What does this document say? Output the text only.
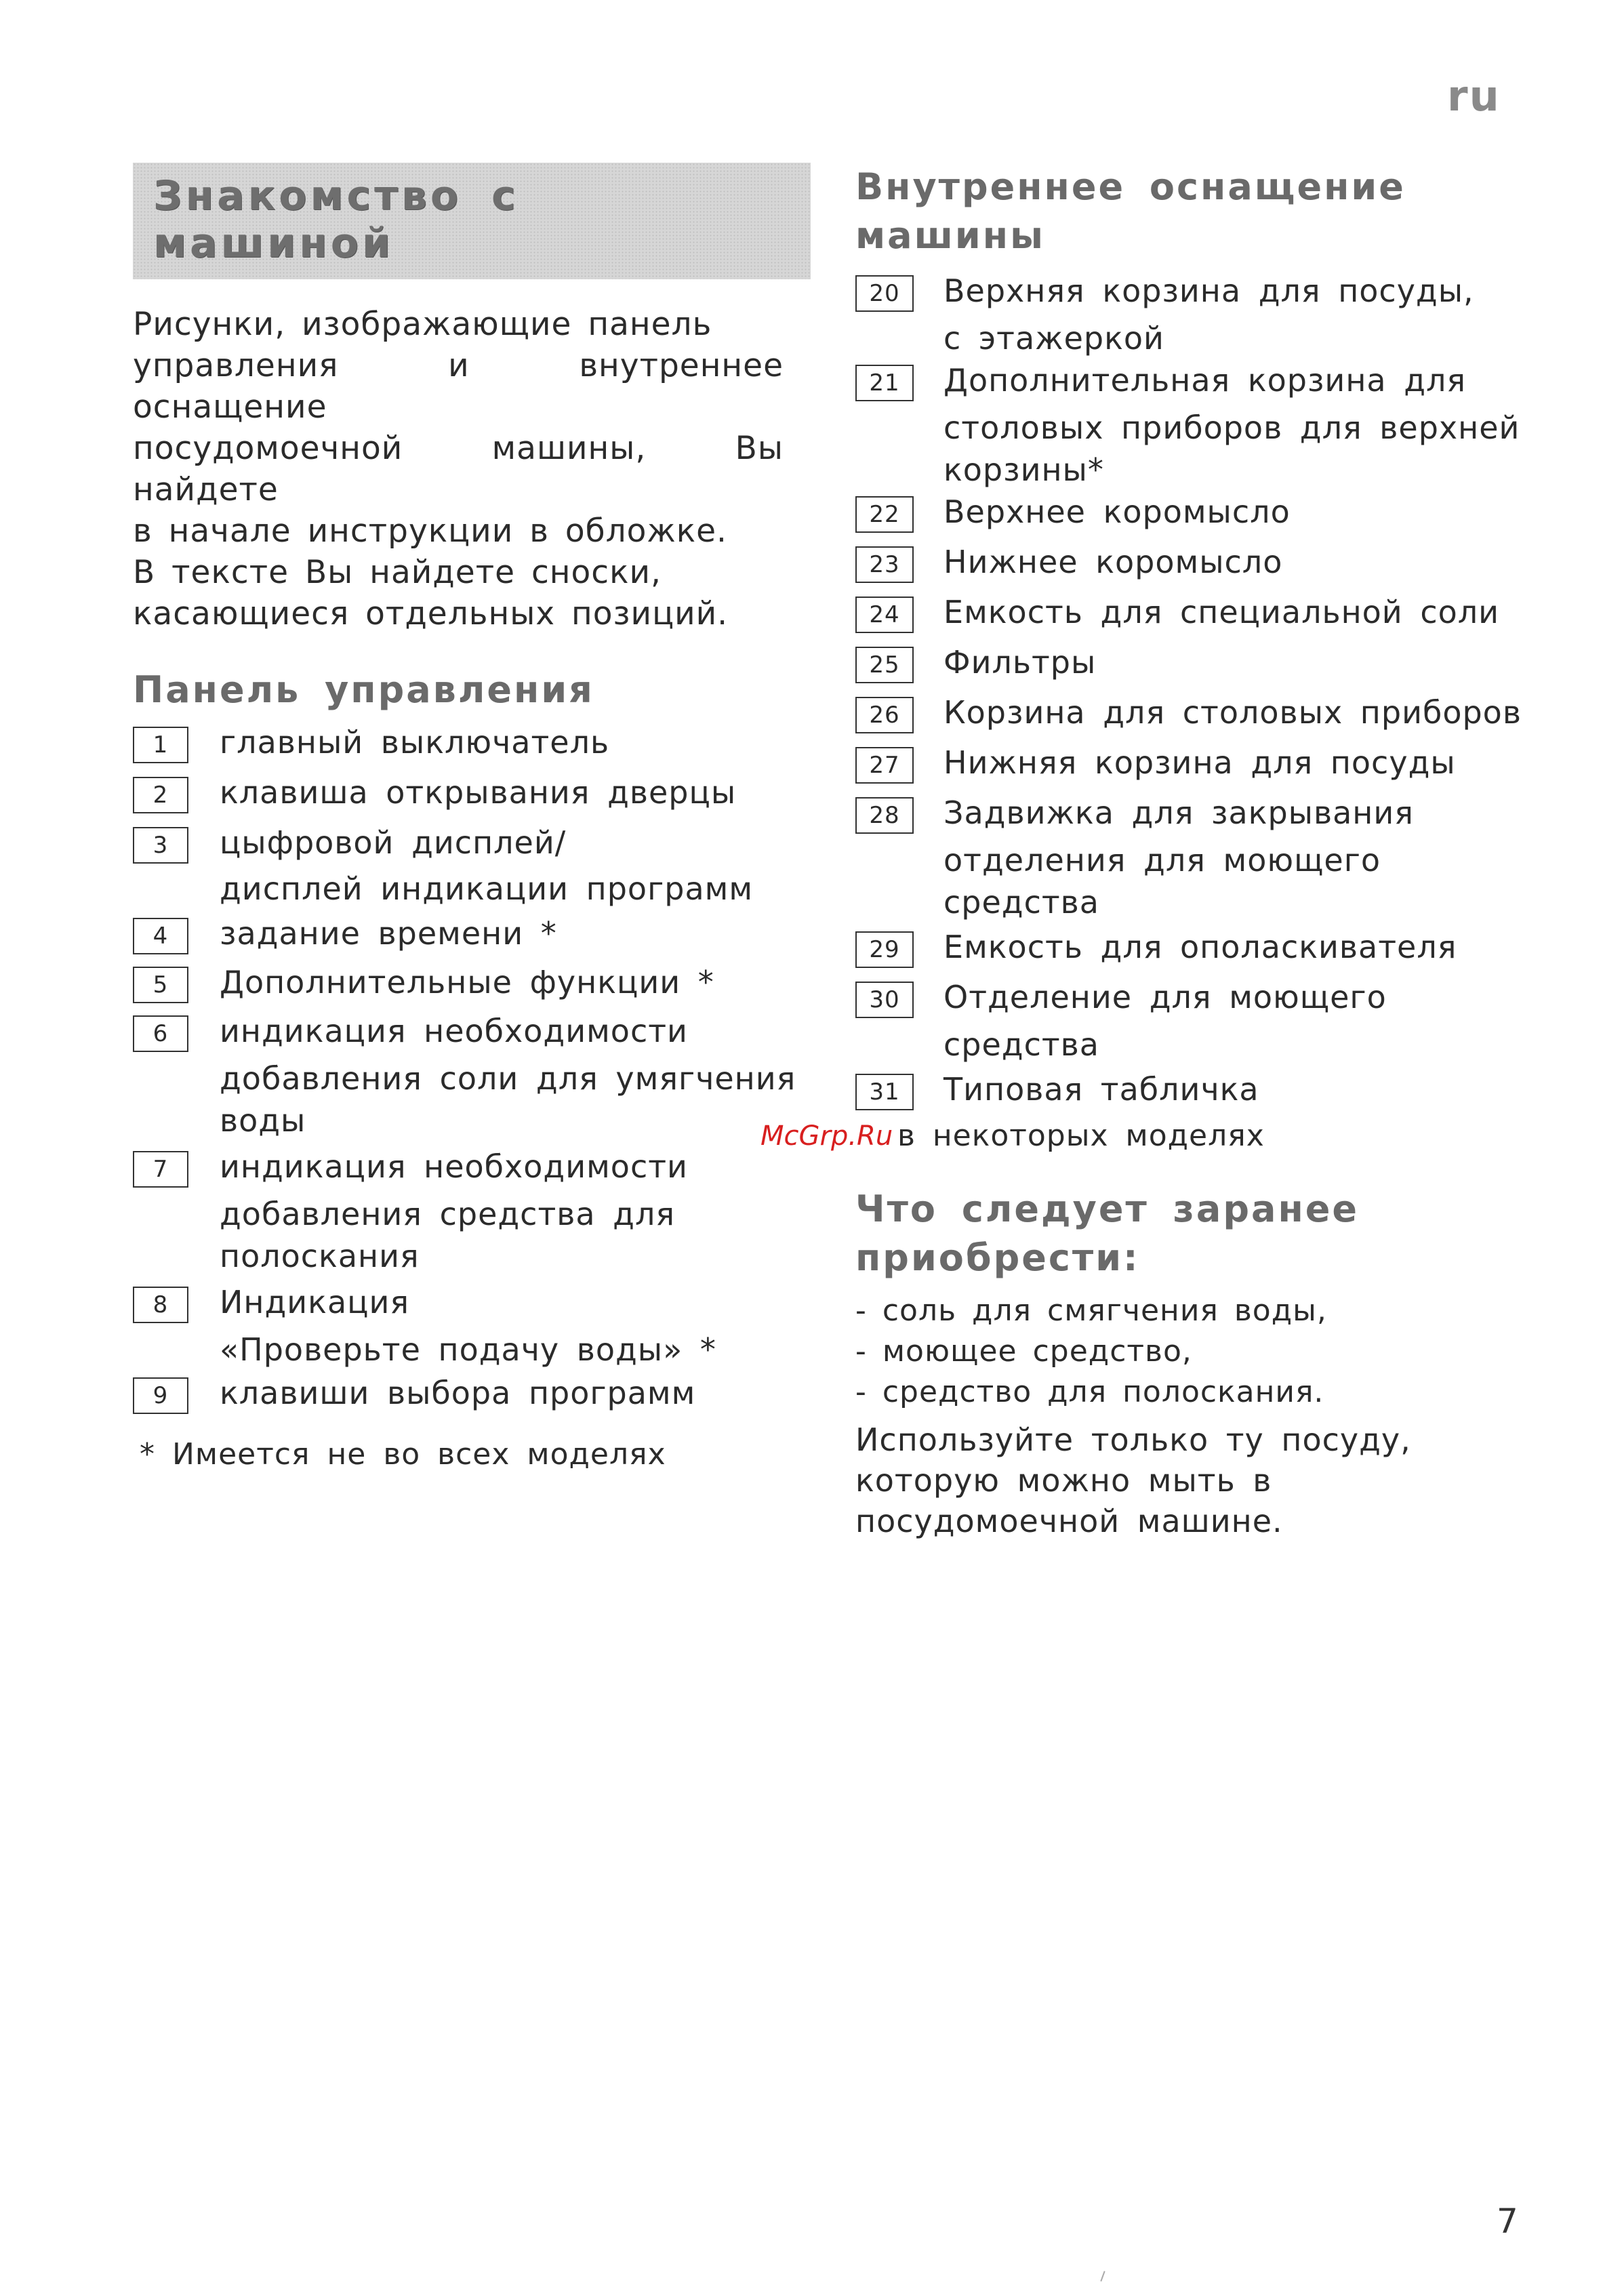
ru
Знакомство с машиной

Рисунки, изображающие панель
управления и внутреннее оснащение
посудомоечной машины, Вы найдете
в начале инструкции в обложке.
В тексте Вы найдете сноски,
касающиеся отдельных позиций.

Панель управления
1	главный выключатель
2	клавиша открывания дверцы
3	цыфровой дисплей/
дисплей индикации программ
4	задание времени *
5	Дополнительные функции *
6	индикация необходимости
добавления соли для умягчения
воды
7	индикация необходимости
добавления средства для
полоскания
8	Индикация
«Проверьте подачу воды» *
9	клавиши выбора программ
* Имеется не во всех моделях
Внутреннее оснащение
машины
20	Верхняя корзина для посуды,
с этажеркой
21	Дополнительная корзина для
столовых приборов для верхней
корзины*
22	Верхнее коромысло
23	Нижнее коромысло
24	Емкость для специальной соли
25	Фильтры
26	Корзина для столовых приборов
27	Нижняя корзина для посуды
28	Задвижка для закрывания
отделения для моющего
средства
29	Емкость для ополаскивателя
30	Отделение для моющего
средства
31	Типовая табличка
McGrp.Ru в некоторых моделях
Что следует заранее
приобрести:
- соль для смягчения воды,
- моющее средство,
- средство для полоскания.
Используйте только ту посуду,
которую можно мыть в
посудомоечной машине.
7
